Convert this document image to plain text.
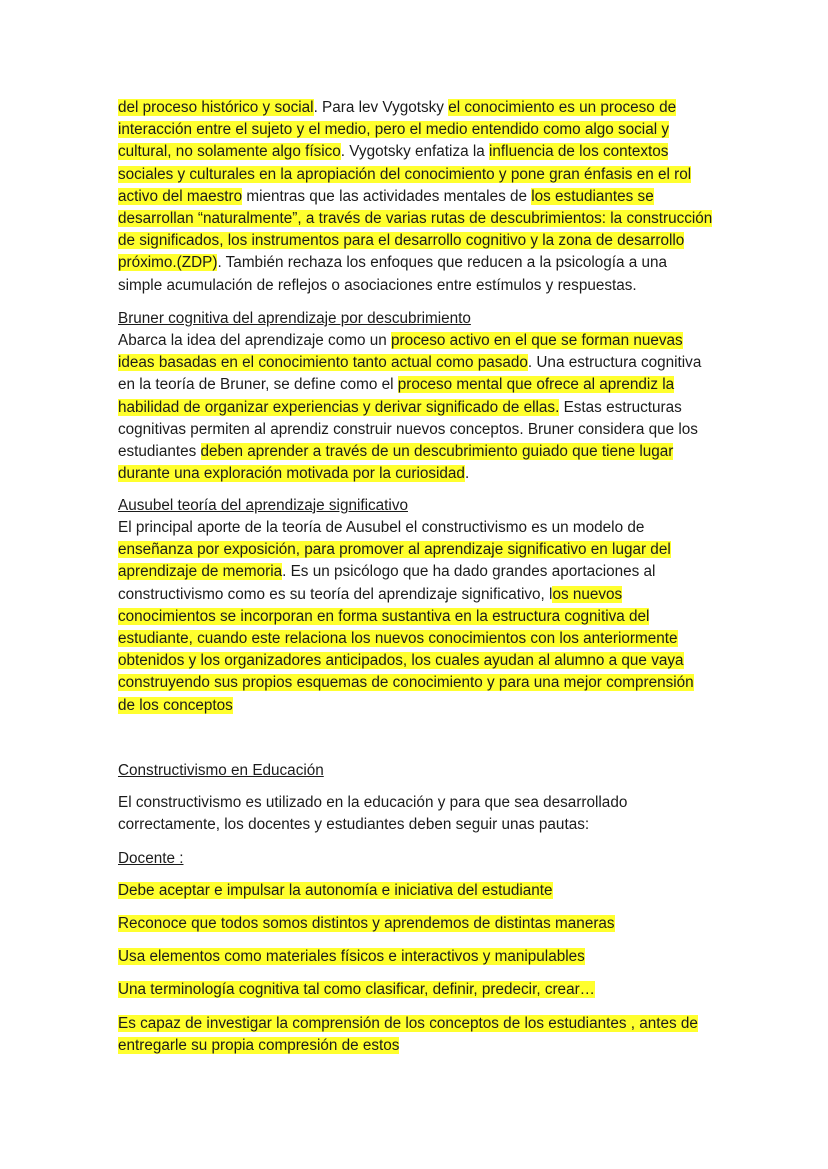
del proceso histórico y social. Para lev Vygotsky el conocimiento es un proceso de interacción entre el sujeto y el medio, pero el medio entendido como algo social y cultural, no solamente algo físico. Vygotsky enfatiza la influencia de los contextos sociales y culturales en la apropiación del conocimiento y pone gran énfasis en el rol activo del maestro mientras que las actividades mentales de los estudiantes se desarrollan “naturalmente”, a través de varias rutas de descubrimientos: la construcción de significados, los instrumentos para el desarrollo cognitivo y la zona de desarrollo próximo.(ZDP). También rechaza los enfoques que reducen a la psicología a una simple acumulación de reflejos o asociaciones entre estímulos y respuestas.

Bruner cognitiva del aprendizaje por descubrimiento

Abarca la idea del aprendizaje como un proceso activo en el que se forman nuevas ideas basadas en el conocimiento tanto actual como pasado. Una estructura cognitiva en la teoría de Bruner, se define como el proceso mental que ofrece al aprendiz la habilidad de organizar experiencias y derivar significado de ellas. Estas estructuras cognitivas permiten al aprendiz construir nuevos conceptos. Bruner considera que los estudiantes deben aprender a través de un descubrimiento guiado que tiene lugar durante una exploración motivada por la curiosidad.

Ausubel teoría del aprendizaje significativo

El principal aporte de la teoría de Ausubel el constructivismo es un modelo de enseñanza por exposición, para promover al aprendizaje significativo en lugar del aprendizaje de memoria. Es un psicólogo que ha dado grandes aportaciones al constructivismo como es su teoría del aprendizaje significativo, los nuevos conocimientos se incorporan en forma sustantiva en la estructura cognitiva del estudiante, cuando este relaciona los nuevos conocimientos con los anteriormente obtenidos y los organizadores anticipados, los cuales ayudan al alumno a que vaya construyendo sus propios esquemas de conocimiento y para una mejor comprensión de los conceptos

Constructivismo en Educación

El constructivismo es utilizado en la educación y para que sea desarrollado correctamente, los docentes y estudiantes deben seguir unas pautas:

Docente :

Debe aceptar e impulsar la autonomía e iniciativa del estudiante

Reconoce que todos somos distintos y aprendemos de distintas maneras

Usa elementos como materiales físicos e interactivos y manipulables

Una terminología cognitiva tal como clasificar, definir, predecir, crear…

Es capaz de investigar la comprensión de los conceptos de los estudiantes , antes de entregarle su propia compresión de estos
